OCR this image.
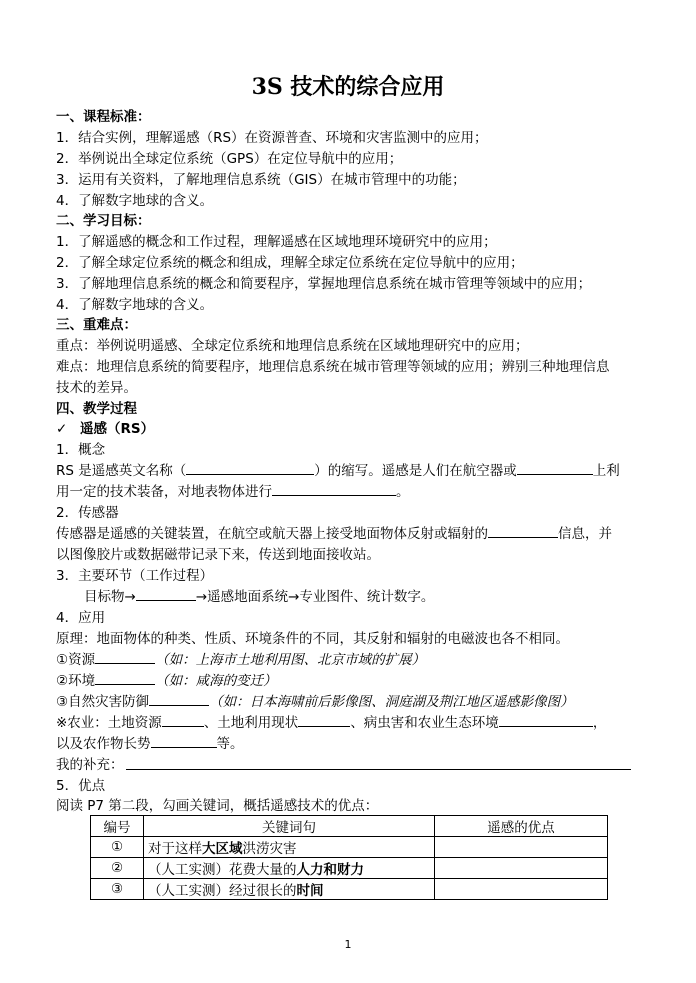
3S 技术的综合应用
一、课程标准：
1．结合实例，理解遥感（RS）在资源普查、环境和灾害监测中的应用；
2．举例说出全球定位系统（GPS）在定位导航中的应用；
3．运用有关资料，了解地理信息系统（GIS）在城市管理中的功能；
4．了解数字地球的含义。
二、学习目标：
1．了解遥感的概念和工作过程，理解遥感在区域地理环境研究中的应用；
2．了解全球定位系统的概念和组成，理解全球定位系统在定位导航中的应用；
3．了解地理信息系统的概念和简要程序，掌握地理信息系统在城市管理等领域中的应用；
4．了解数字地球的含义。
三、重难点：
重点：举例说明遥感、全球定位系统和地理信息系统在区域地理研究中的应用；
难点：地理信息系统的简要程序，地理信息系统在城市管理等领域的应用；辨别三种地理信息
技术的差异。
四、教学过程
✓ 遥感（RS）
1．概念
RS 是遥感英文名称（	）的缩写。遥感是人们在航空器或	上利
用一定的技术装备，对地表物体进行	。
2．传感器
传感器是遥感的关键装置，在航空或航天器上接受地面物体反射或辐射的	信息，并
以图像胶片或数据磁带记录下来，传送到地面接收站。
3．主要环节（工作过程）
目标物→	→遥感地面系统→专业图件、统计数字。
4．应用
原理：地面物体的种类、性质、环境条件的不同，其反射和辐射的电磁波也各不相同。
①资源	（如：上海市土地利用图、北京市域的扩展）
②环境	（如：咸海的变迁）
③自然灾害防御	（如：日本海啸前后影像图、洞庭湖及荆江地区遥感影像图）
※农业：土地资源	、土地利用现状	、病虫害和农业生态环境	，
以及农作物长势	等。
我的补充：
5．优点
阅读 P7 第二段，勾画关键词，概括遥感技术的优点：
编号	关键词句	遥感的优点
①	对于这样大区域洪涝灾害	
②	（人工实测）花费大量的人力和财力	
③	（人工实测）经过很长的时间	
1
